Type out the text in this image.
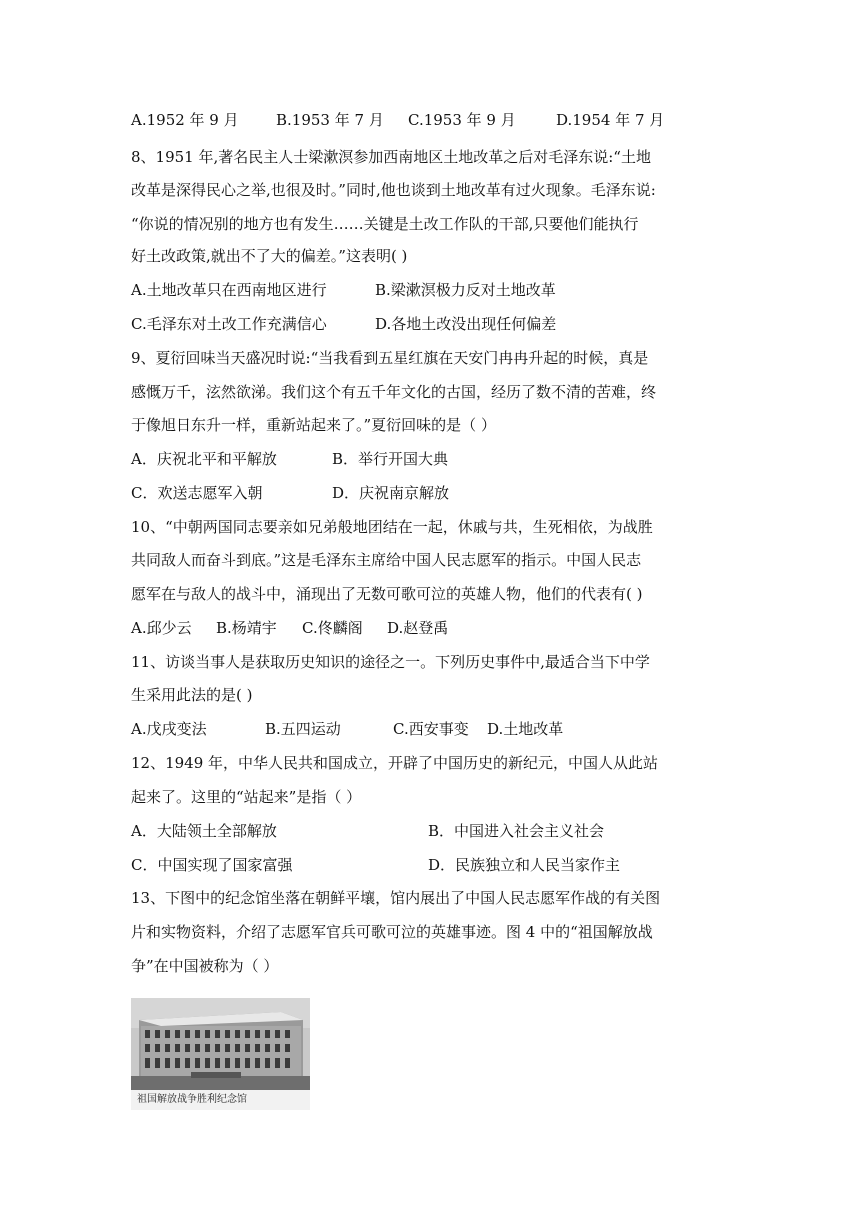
A.1952 年 9 月 B.1953 年 7 月 C.1953 年 9 月	D.1954 年 7 月
8、1951 年,著名民主人士梁漱溟参加西南地区土地改革之后对毛泽东说:“土地
改革是深得民心之举,也很及时。”同时,他也谈到土地改革有过火现象。毛泽东说:
“你说的情况别的地方也有发生……关键是土改工作队的干部,只要他们能执行
好土改政策,就出不了大的偏差。”这表明( )
A.土地改革只在西南地区进行	B.梁漱溟极力反对土地改革
C.毛泽东对土改工作充满信心	D.各地土改没出现任何偏差
9、夏衍回味当天盛况时说:“当我看到五星红旗在天安门冉冉升起的时候，真是
感慨万千，泫然欲涕。我们这个有五千年文化的古国，经历了数不清的苦难，终
于像旭日东升一样，重新站起来了。”夏衍回味的是（ ）
A．庆祝北平和平解放	B．举行开国大典
C．欢送志愿军入朝	D．庆祝南京解放
10、“中朝两国同志要亲如兄弟般地团结在一起，休戚与共，生死相依，为战胜
共同敌人而奋斗到底。”这是毛泽东主席给中国人民志愿军的指示。中国人民志
愿军在与敌人的战斗中，涌现出了无数可歌可泣的英雄人物，他们的代表有( )
A.邱少云 B.杨靖宇 C.佟麟阁 D.赵登禹
11、访谈当事人是获取历史知识的途径之一。下列历史事件中,最适合当下中学
生采用此法的是( )
A.戊戌变法	B.五四运动	C.西安事变 D.土地改革
12、1949 年，中华人民共和国成立，开辟了中国历史的新纪元，中国人从此站
起来了。这里的“站起来”是指（ ）
A．大陆领土全部解放	B．中国进入社会主义社会
C．中国实现了国家富强	D．民族独立和人民当家作主
13、下图中的纪念馆坐落在朝鲜平壤，馆内展出了中国人民志愿军作战的有关图
片和实物资料，介绍了志愿军官兵可歌可泣的英雄事迹。图 4 中的“祖国解放战
争”在中国被称为（ ）
祖国解放战争胜利纪念馆
